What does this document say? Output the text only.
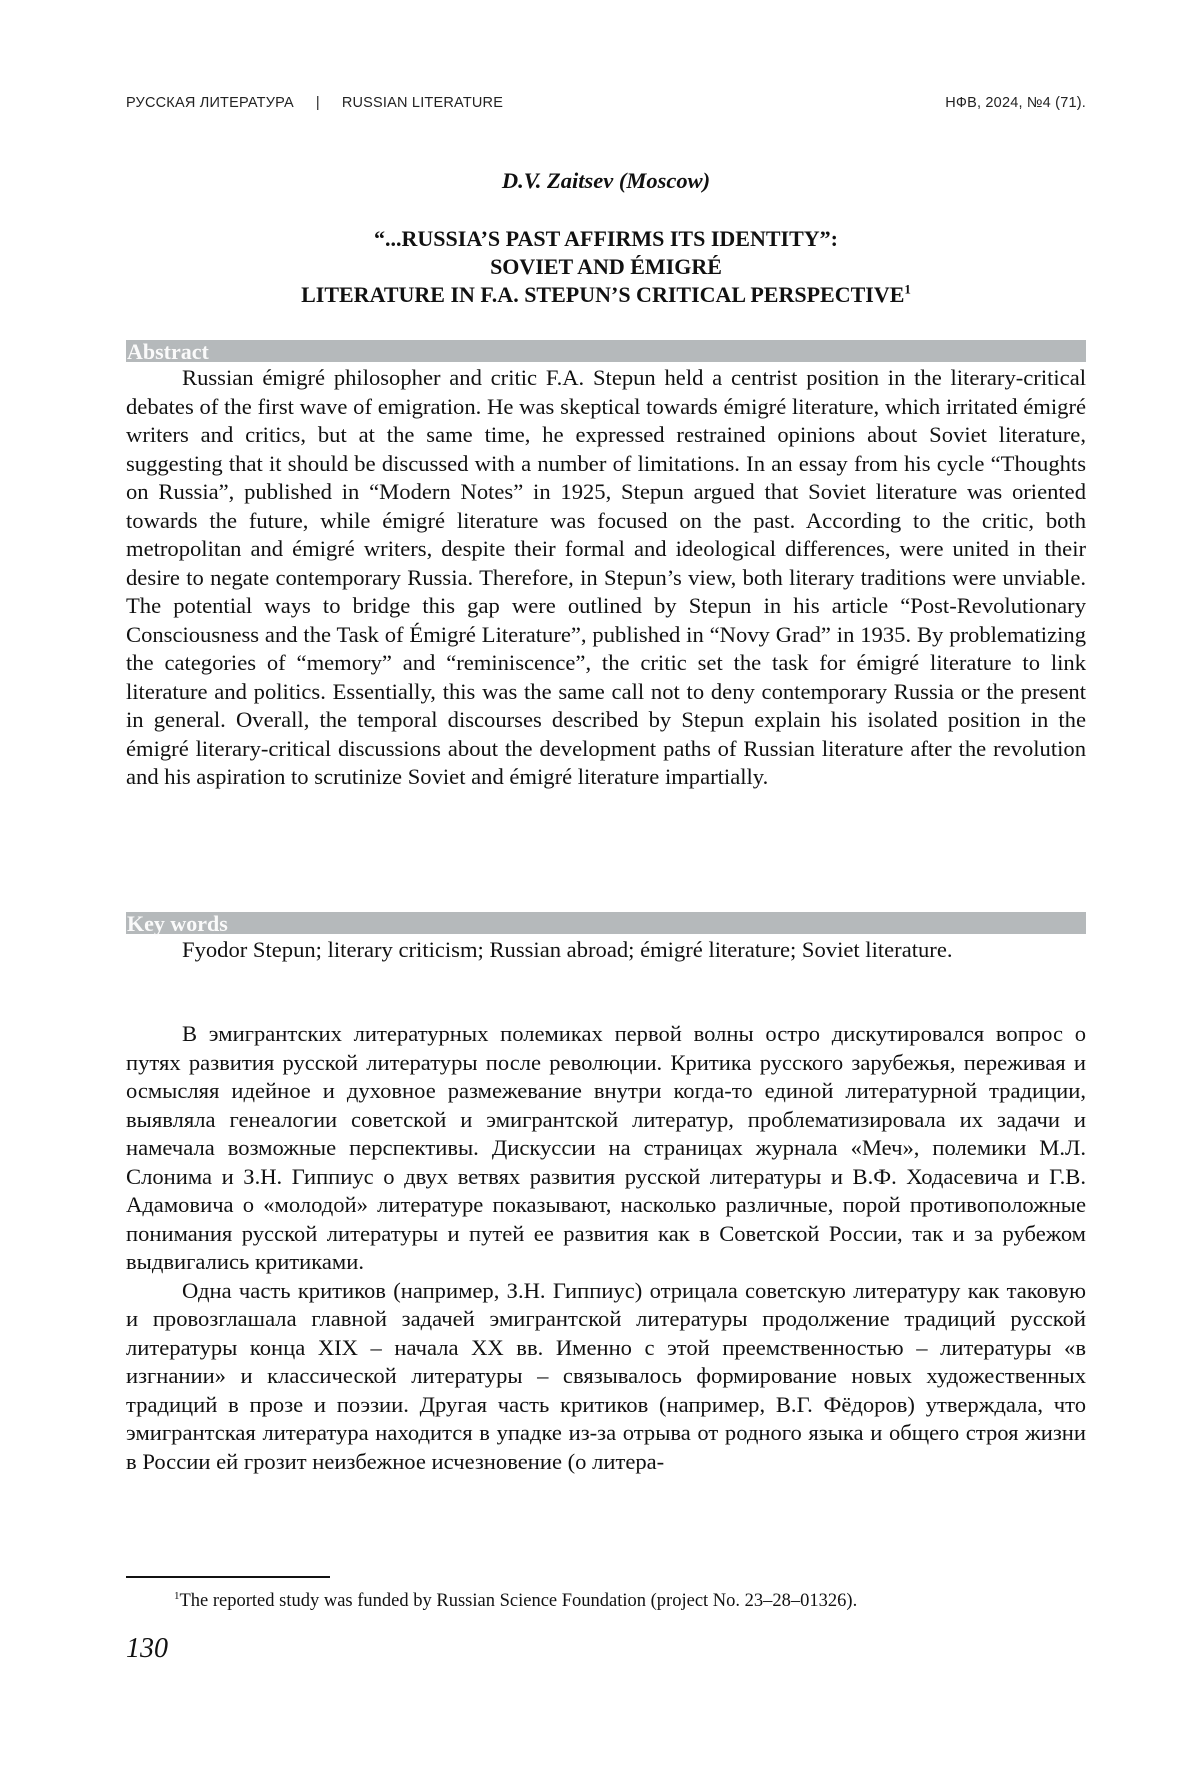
РУССКАЯ ЛИТЕРАТУРА | RUSSIAN LITERATURE	НФВ, 2024, №4 (71).
D.V. Zaitsev (Moscow)
“...RUSSIA’S PAST AFFIRMS ITS IDENTITY”:
SOVIET AND ÉMIGRÉ
LITERATURE IN F.A. STEPUN’S CRITICAL PERSPECTIVE1
Abstract

Russian émigré philosopher and critic F.A. Stepun held a centrist position in the literary-critical debates of the first wave of emigration. He was skeptical towards émigré literature, which irritated émigré writers and critics, but at the same time, he expressed restrained opinions about Soviet literature, suggesting that it should be discussed with a number of limitations. In an essay from his cycle “Thoughts on Russia”, published in “Modern Notes” in 1925, Stepun argued that Soviet literature was oriented towards the future, while émigré literature was focused on the past. According to the critic, both metropolitan and émigré writers, despite their formal and ideological differences, were united in their desire to negate contemporary Russia. Therefore, in Stepun’s view, both literary traditions were unviable. The potential ways to bridge this gap were outlined by Stepun in his article “Post-Revolutionary Consciousness and the Task of Émigré Literature”, published in “Novy Grad” in 1935. By problematizing the categories of “memory” and “reminiscence”, the critic set the task for émigré literature to link literature and politics. Essentially, this was the same call not to deny contemporary Russia or the present in general. Overall, the temporal discourses described by Stepun explain his isolated position in the émigré literary-critical discussions about the development paths of Russian literature after the revolution and his aspiration to scrutinize Soviet and émigré literature impartially.

Key words

Fyodor Stepun; literary criticism; Russian abroad; émigré literature; Soviet literature.

В эмигрантских литературных полемиках первой волны остро дискутировался вопрос о путях развития русской литературы после революции. Критика русского зарубежья, переживая и осмысляя идейное и духовное размежевание внутри когда-то единой литературной традиции, выявляла генеалогии советской и эмигрантской литератур, проблематизировала их задачи и намечала возможные перспективы. Дискуссии на страницах журнала «Меч», полемики М.Л. Слонима и З.Н. Гиппиус о двух ветвях развития русской литературы и В.Ф. Ходасевича и Г.В. Адамовича о «молодой» литературе показывают, насколько различные, порой противоположные понимания русской литературы и путей ее развития как в Советской России, так и за рубежом выдвигались критиками.

Одна часть критиков (например, З.Н. Гиппиус) отрицала советскую литературу как таковую и провозглашала главной задачей эмигрантской литературы продолжение традиций русской литературы конца XIX – начала XX вв. Именно с этой преемственностью – литературы «в изгнании» и классической литературы – связывалось формирование новых художественных традиций в прозе и поэзии. Другая часть критиков (например, В.Г. Фёдоров) утверждала, что эмигрантская литература находится в упадке из-за отрыва от родного языка и общего строя жизни в России ей грозит неизбежное исчезновение (о литера-

1The reported study was funded by Russian Science Foundation (project No. 23–28–01326).
130
